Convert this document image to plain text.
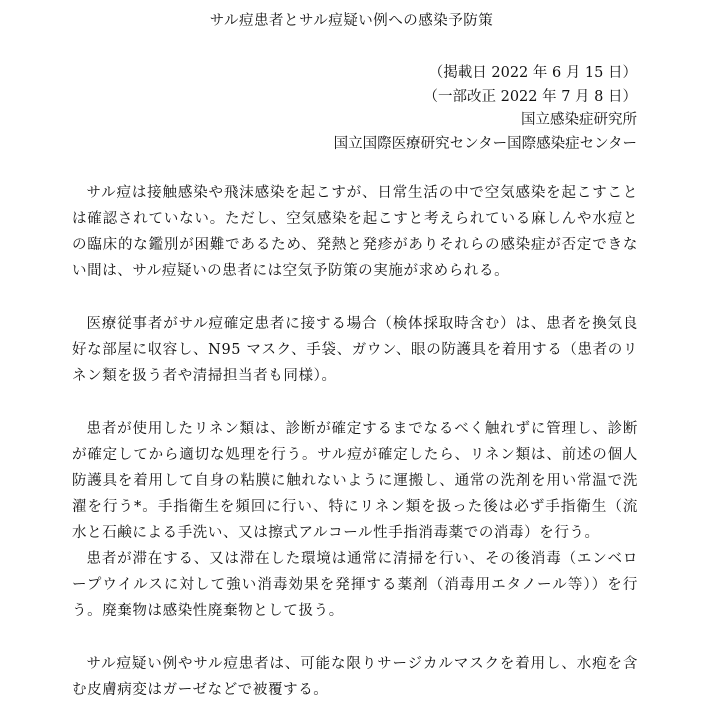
サル痘患者とサル痘疑い例への感染予防策
（掲載日 2022 年 6 月 15 日）
（一部改正 2022 年 7 月 8 日）
国立感染症研究所
国立国際医療研究センター国際感染症センター

サル痘は接触感染や飛沫感染を起こすが、日常生活の中で空気感染を起こすことは確認されていない。ただし、空気感染を起こすと考えられている麻しんや水痘との臨床的な鑑別が困難であるため、発熱と発疹がありそれらの感染症が否定できない間は、サル痘疑いの患者には空気予防策の実施が求められる。

医療従事者がサル痘確定患者に接する場合（検体採取時含む）は、患者を換気良好な部屋に収容し、N95 マスク、手袋、ガウン、眼の防護具を着用する（患者のリネン類を扱う者や清掃担当者も同様）。

患者が使用したリネン類は、診断が確定するまでなるべく触れずに管理し、診断が確定してから適切な処理を行う。サル痘が確定したら、リネン類は、前述の個人防護具を着用して自身の粘膜に触れないように運搬し、通常の洗剤を用い常温で洗濯を行う*。手指衛生を頻回に行い、特にリネン類を扱った後は必ず手指衛生（流水と石鹸による手洗い、又は擦式アルコール性手指消毒薬での消毒）を行う。

患者が滞在する、又は滞在した環境は通常に清掃を行い、その後消毒（エンベロープウイルスに対して強い消毒効果を発揮する薬剤（消毒用エタノール等））を行う。廃棄物は感染性廃棄物として扱う。

サル痘疑い例やサル痘患者は、可能な限りサージカルマスクを着用し、水疱を含む皮膚病変はガーゼなどで被覆する。
